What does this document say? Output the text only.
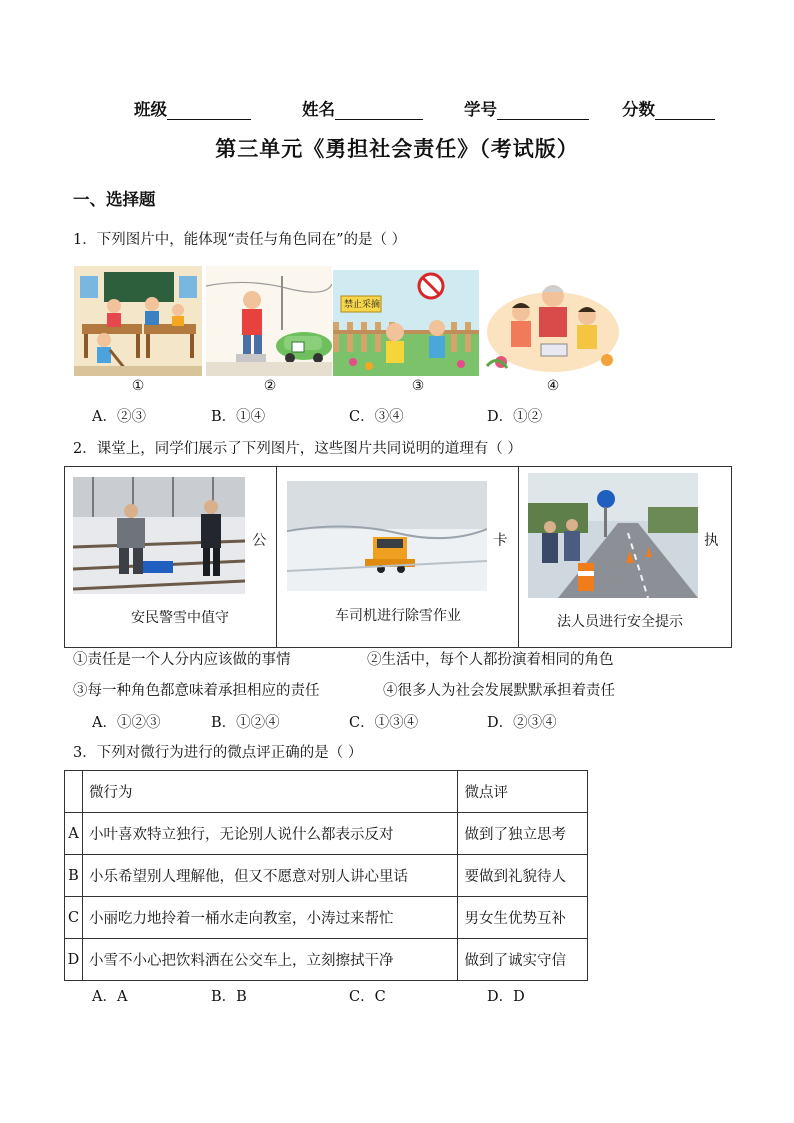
班级	姓名	学号	分数
第三单元《勇担社会责任》（考试版）
一、选择题
1．下列图片中，能体现“责任与角色同在”的是（ ）
①	②
禁止采摘
③	④
A．②③	B．①④	C．③④	D．①②
2．课堂上，同学们展示了下列图片，这些图片共同说明的道理有（ ）
安民警雪中值守
公
车司机进行除雪作业
卡
法人员进行安全提示
执
①责任是一个人分内应该做的事情	②生活中，每个人都扮演着相同的角色
③每一种角色都意味着承担相应的责任	④很多人为社会发展默默承担着责任
A．①②③	B．①②④	C．①③④	D．②③④
3．下列对微行为进行的微点评正确的是（ ）
	微行为	微点评
A	小叶喜欢特立独行，无论别人说什么都表示反对	做到了独立思考
B	小乐希望别人理解他，但又不愿意对别人讲心里话	要做到礼貌待人
C	小丽吃力地拎着一桶水走向教室，小涛过来帮忙	男女生优势互补
D	小雪不小心把饮料洒在公交车上，立刻擦拭干净	做到了诚实守信
A．A	B．B	C．C	D．D
